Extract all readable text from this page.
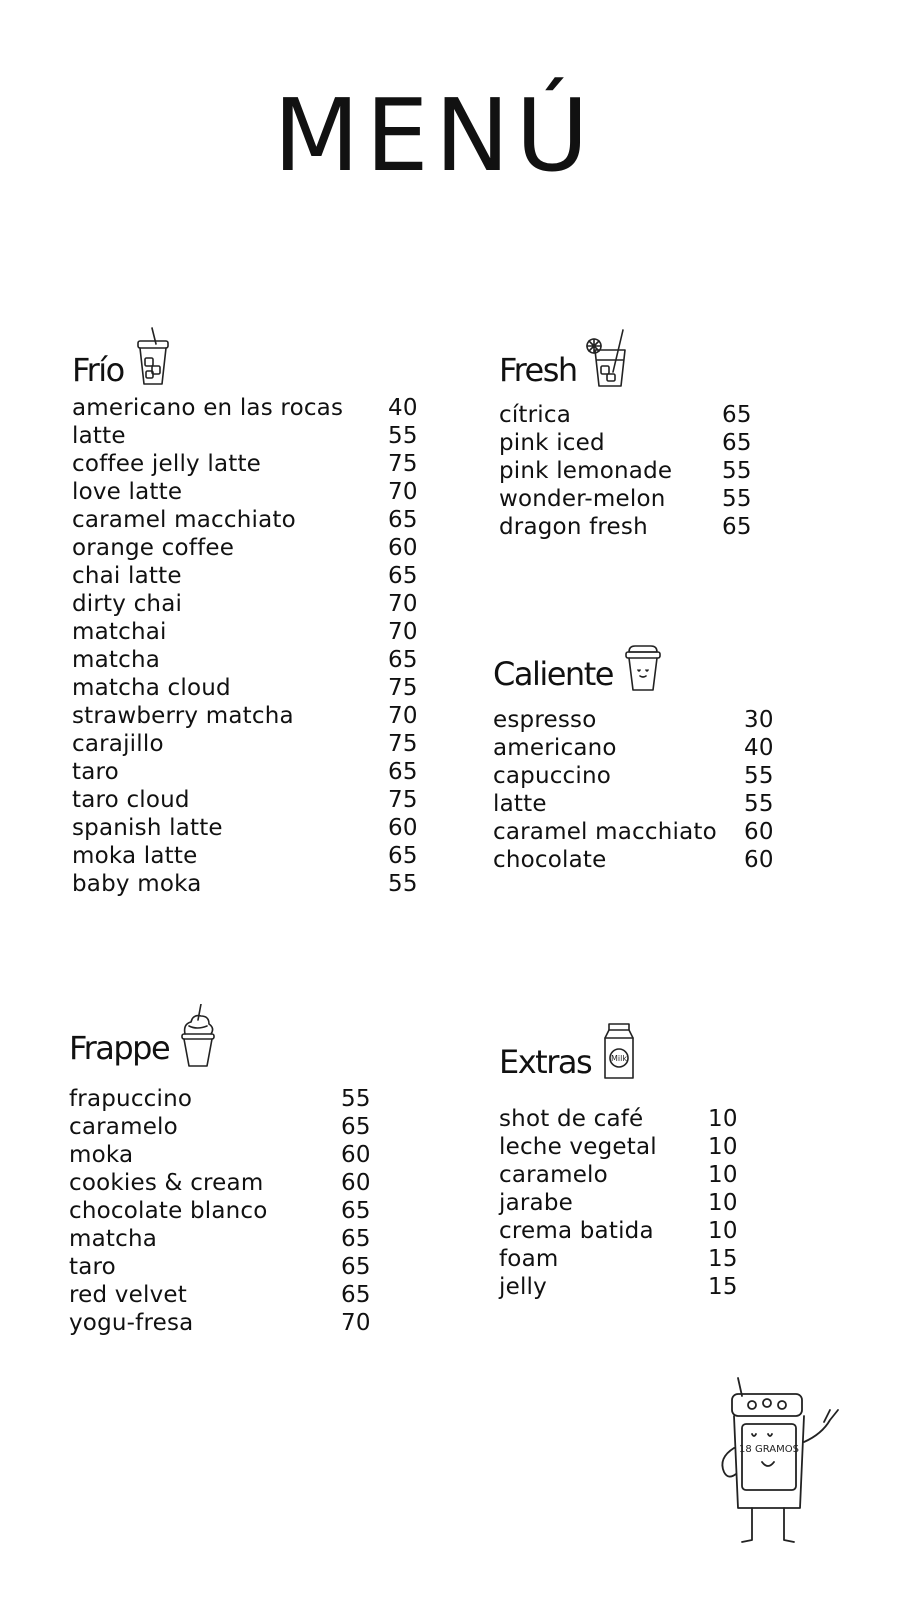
MENÚ
Frío
americano en las rocas	40
latte	55
coffee jelly latte	75
love latte	70
caramel macchiato	65
orange coffee	60
chai latte	65
dirty chai	70
matchai	70
matcha	65
matcha cloud	75
strawberry matcha	70
carajillo	75
taro	65
taro cloud	75
spanish latte	60
moka latte	65
baby moka	55
Fresh
cítrica	65
pink iced	65
pink lemonade	55
wonder-melon	55
dragon fresh	65
Caliente
espresso	30
americano	40
capuccino	55
latte	55
caramel macchiato	60
chocolate	60
Frappe
frapuccino	55
caramelo	65
moka	60
cookies & cream	60
chocolate blanco	65
matcha	65
taro	65
red velvet	65
yogu-fresa	70
Extras	Milk
shot de café	10
leche vegetal	10
caramelo	10
jarabe	10
crema batida	10
foam	15
jelly	15
18 GRAMOS
